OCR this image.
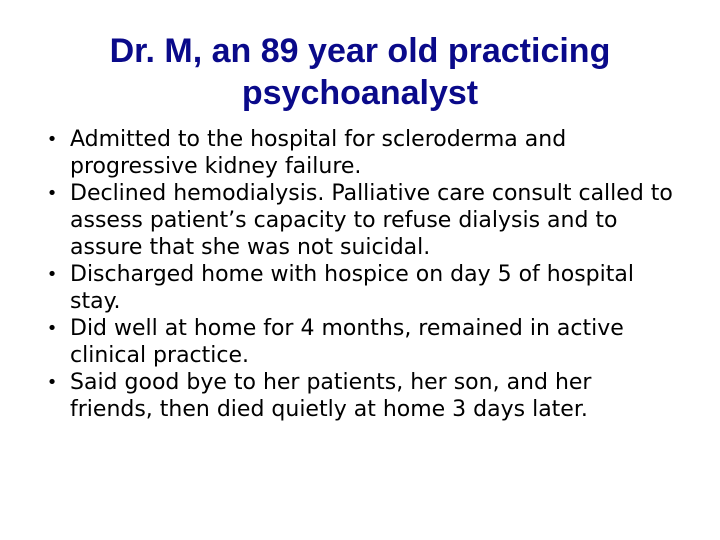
Dr. M, an 89 year old practicing
psychoanalyst
• Admitted to the hospital for scleroderma and progressive kidney failure.
• Declined hemodialysis. Palliative care consult called to assess patient’s capacity to refuse dialysis and to assure that she was not suicidal.
• Discharged home with hospice on day 5 of hospital stay.
• Did well at home for 4 months, remained in active clinical practice.
• Said good bye to her patients, her son, and her friends, then died quietly at home 3 days later.
